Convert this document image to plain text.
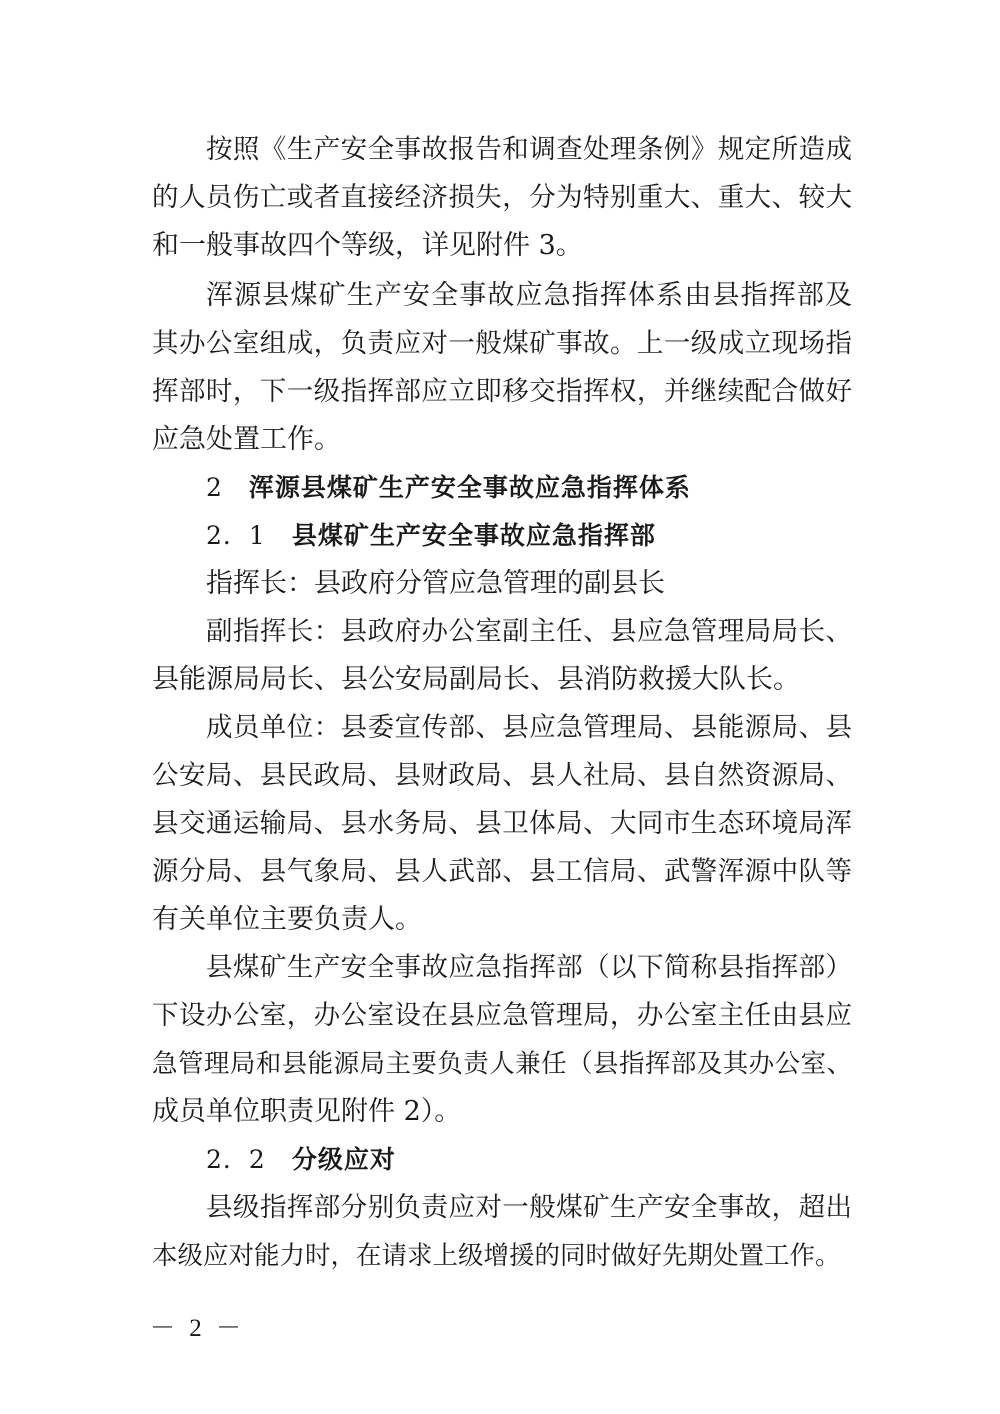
按照《生产安全事故报告和调查处理条例》规定所造成
的人员伤亡或者直接经济损失，分为特别重大、重大、较大
和一般事故四个等级，详见附件 3。
浑源县煤矿生产安全事故应急指挥体系由县指挥部及
其办公室组成，负责应对一般煤矿事故。上一级成立现场指
挥部时，下一级指挥部应立即移交指挥权，并继续配合做好
应急处置工作。
2 浑源县煤矿生产安全事故应急指挥体系
2．1 县煤矿生产安全事故应急指挥部
指挥长：县政府分管应急管理的副县长
副指挥长：县政府办公室副主任、县应急管理局局长、
县能源局局长、县公安局副局长、县消防救援大队长。
成员单位：县委宣传部、县应急管理局、县能源局、县
公安局、县民政局、县财政局、县人社局、县自然资源局、
县交通运输局、县水务局、县卫体局、大同市生态环境局浑
源分局、县气象局、县人武部、县工信局、武警浑源中队等
有关单位主要负责人。
县煤矿生产安全事故应急指挥部（以下简称县指挥部）
下设办公室，办公室设在县应急管理局，办公室主任由县应
急管理局和县能源局主要负责人兼任（县指挥部及其办公室、
成员单位职责见附件 2）。
2．2 分级应对
县级指挥部分别负责应对一般煤矿生产安全事故，超出
本级应对能力时，在请求上级增援的同时做好先期处置工作。
－ 2 －
